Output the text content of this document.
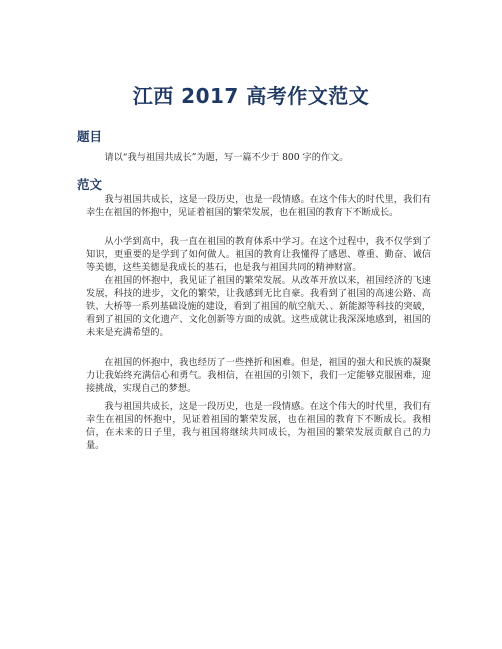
江西 2017 高考作文范文
题目

请以“我与祖国共成长”为题，写一篇不少于 800 字的作文。

范文

我与祖国共成长，这是一段历史，也是一段情感。在这个伟大的时代里，我们有幸生在祖国的怀抱中，见证着祖国的繁荣发展，也在祖国的教育下不断成长。

从小学到高中，我一直在祖国的教育体系中学习。在这个过程中，我不仅学到了知识，更重要的是学到了如何做人。祖国的教育让我懂得了感恩、尊重、勤奋、诚信等美德，这些美德是我成长的基石，也是我与祖国共同的精神财富。

在祖国的怀抱中，我见证了祖国的繁荣发展。从改革开放以来，祖国经济的飞速发展，科技的进步，文化的繁荣，让我感到无比自豪。我看到了祖国的高速公路、高铁、大桥等一系列基础设施的建设，看到了祖国的航空航天、、新能源等科技的突破，看到了祖国的文化遗产、文化创新等方面的成就。这些成就让我深深地感到，祖国的未来是充满希望的。

在祖国的怀抱中，我也经历了一些挫折和困难。但是，祖国的强大和民族的凝聚力让我始终充满信心和勇气。我相信，在祖国的引领下，我们一定能够克服困难，迎接挑战，实现自己的梦想。

我与祖国共成长，这是一段历史，也是一段情感。在这个伟大的时代里，我们有幸生在祖国的怀抱中，见证着祖国的繁荣发展，也在祖国的教育下不断成长。我相信，在未来的日子里，我与祖国将继续共同成长，为祖国的繁荣发展贡献自己的力量。
